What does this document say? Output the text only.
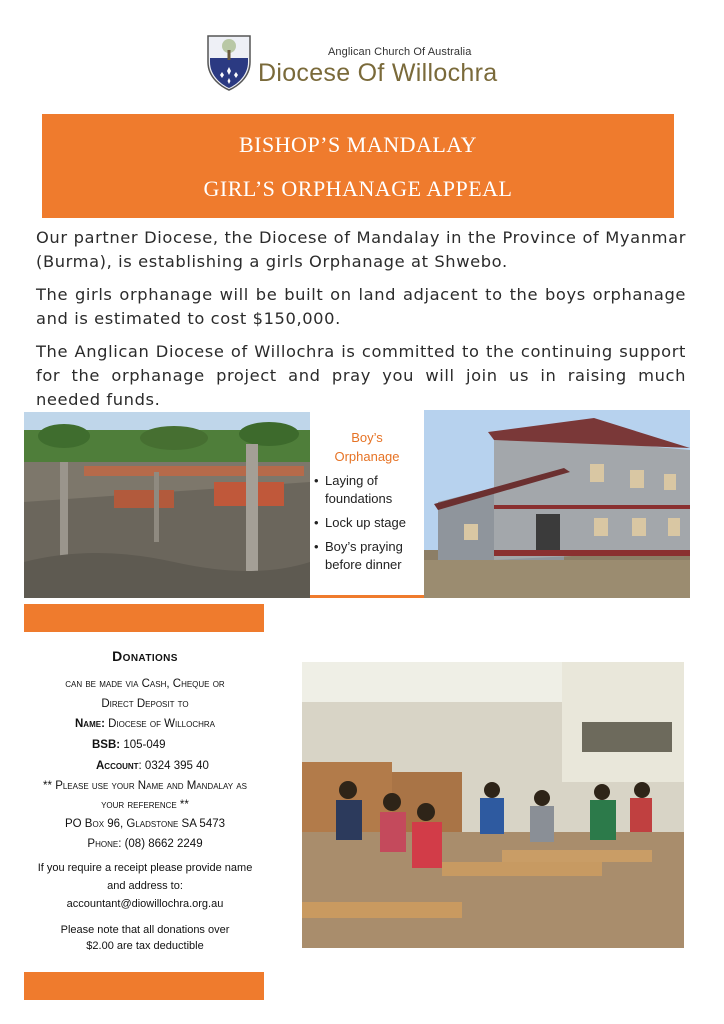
Anglican Church Of Australia
Diocese Of Willochra
BISHOP’S MANDALAY
GIRL’S ORPHANAGE APPEAL

Our partner Diocese, the Diocese of Mandalay in the Province of Myanmar (Burma), is establishing a girls Orphanage at Shwebo.

The girls orphanage will be built on land adjacent to the boys orphanage and is estimated to cost $150,000.

The Anglican Diocese of Willochra is committed to the continuing support for the orphanage project and pray you will join us in raising much needed funds.

Boy’s
Orphanage
• Laying of foundations
• Lock up stage
• Boy’s praying before dinner
Donations
can be made via Cash, Cheque or
Direct Deposit to
Name: Diocese of Willochra
BSB: 105-049
Account: 0324 395 40
** Please use your Name and Mandalay as
your reference **
PO Box 96, Gladstone SA 5473
Phone: (08) 8662 2249
If you require a receipt please provide name
and address to:
accountant@diowillochra.org.au
Please note that all donations over
$2.00 are tax deductible
